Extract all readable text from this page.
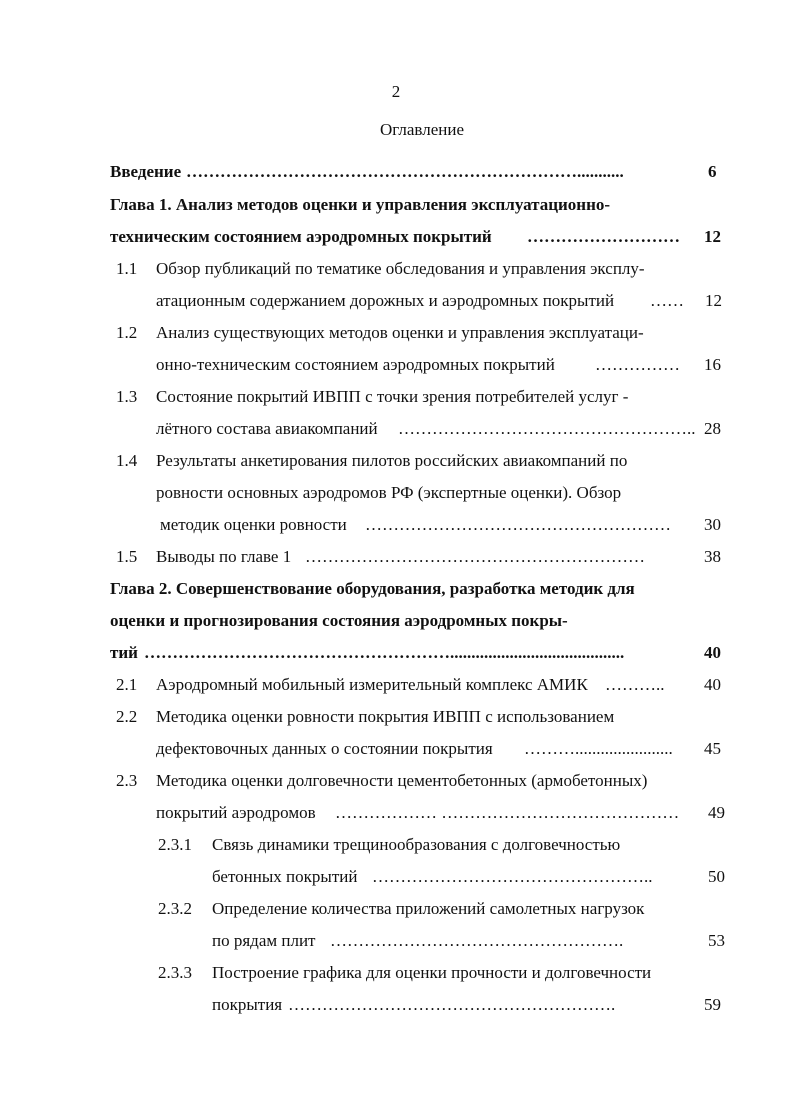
2
Оглавление
Введение ……………………………………………………………...........	6
Глава 1. Анализ методов оценки и управления эксплуатационно-
техническим состоянием аэродромных покрытий ………………………	12
1.1 Обзор публикаций по тематике обследования и управления эксплу-
атационным содержанием дорожных и аэродромных покрытий ……	12
1.2 Анализ существующих методов оценки и управления эксплуатаци-
онно-техническим состоянием аэродромных покрытий …………… 16
1.3 Состояние покрытий ИВПП с точки зрения потребителей услуг -
лётного состава авиакомпаний …………………………………………….. 28
1.4 Результаты анкетирования пилотов российских авиакомпаний по
ровности основных аэродромов РФ (экспертные оценки). Обзор
методик оценки ровности ………………………………………………	30
1.5 Выводы по главе 1 ……………………………………………………	38
Глава 2. Совершенствование оборудования, разработка методик для
оценки и прогнозирования состояния аэродромных покры-
тий ……………………………………………….........................................	40
2.1 Аэродромный мобильный измерительный комплекс АМИК ………..	40
2.2 Методика оценки ровности покрытия ИВПП с использованием
дефектовочных данных о состоянии покрытия ……….......................	45
2.3 Методика оценки долговечности цементобетонных (армобетонных)
покрытий аэродромов ……………… ……………………………………	49
2.3.1 Связь динамики трещинообразования с долговечностью
бетонных покрытий …………………………………………..	50
2.3.2 Определение количества приложений самолетных нагрузок
по рядам плит …………………………………………….	53
2.3.3 Построение графика для оценки прочности и долговечности
покрытия ………………………………………………….	59
